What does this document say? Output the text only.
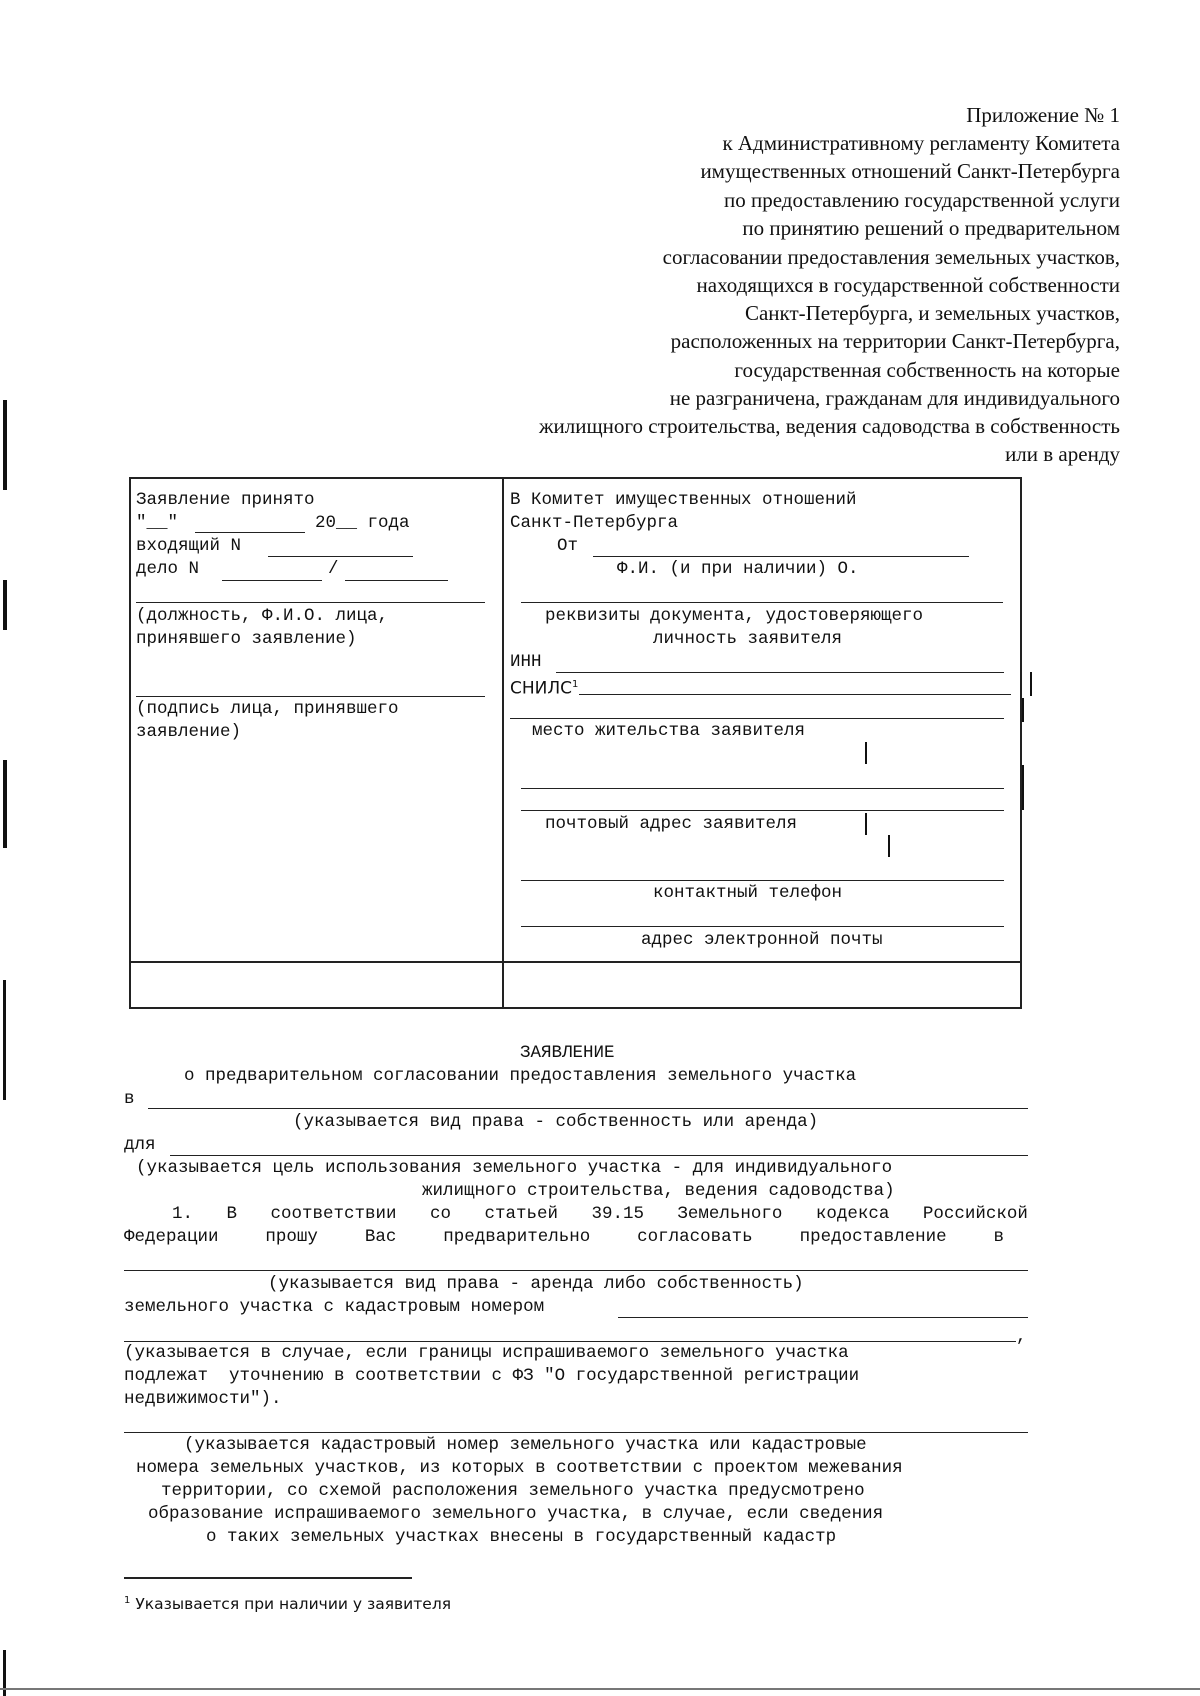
Приложение № 1
к Административному регламенту Комитета
имущественных отношений Санкт-Петербурга
по предоставлению государственной услуги
по принятию решений о предварительном
согласовании предоставления земельных участков,
находящихся в государственной собственности
Санкт-Петербурга, и земельных участков,
расположенных на территории Санкт-Петербурга,
государственная собственность на которые
не разграничена, гражданам для индивидуального
жилищного строительства, ведения садоводства в собственность
или в аренду
Заявление принято
"__"	20__ года
входящий N
дело N	/
(должность, Ф.И.О. лица,
принявшего заявление)
(подпись лица, принявшего
заявление)
В Комитет имущественных отношений
Санкт-Петербурга
От
Ф.И. (и при наличии) О.
реквизиты документа, удостоверяющего
личность заявителя
ИНН
СНИЛС$^1$
место жительства заявителя
почтовый адрес заявителя
контактный телефон
адрес электронной почты
ЗАЯВЛЕНИЕ
о предварительном согласовании предоставления земельного участка
в
(указывается вид права - собственность или аренда)
для
(указывается цель использования земельного участка - для индивидуального
жилищного строительства, ведения садоводства)
1. В соответствии со статьей 39.15 Земельного кодекса Российской
Федерации	прошу	Вас	предварительно	согласовать	предоставление	в
(указывается вид права - аренда либо собственность)
земельного участка с кадастровым номером
,
(указывается в случае, если границы испрашиваемого земельного участка
подлежат  уточнению в соответствии с ФЗ "О государственной регистрации
недвижимости").
(указывается кадастровый номер земельного участка или кадастровые
номера земельных участков, из которых в соответствии с проектом межевания
территории, со схемой расположения земельного участка предусмотрено
образование испрашиваемого земельного участка, в случае, если сведения
о таких земельных участках внесены в государственный кадастр
$^1$ Указывается при наличии у заявителя
